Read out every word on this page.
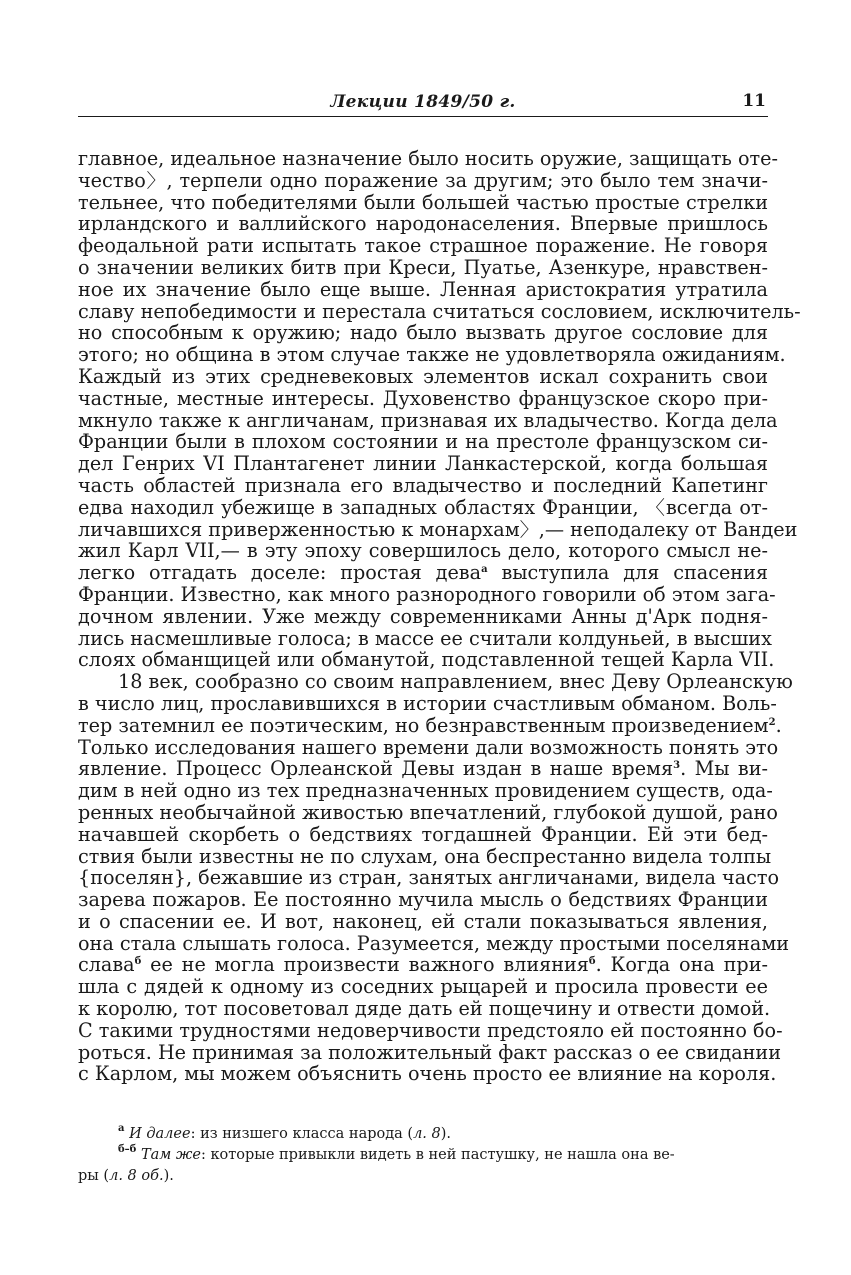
Лекции 1849/50 г.	11
главное, идеальное назначение было носить оружие, защищать оте-
чество〉, терпели одно поражение за другим; это было тем значи-
тельнее, что победителями были большей частью простые стрелки
ирландского и валлийского народонаселения. Впервые пришлось
феодальной рати испытать такое страшное поражение. Не говоря
о значении великих битв при Креси, Пуатье, Азенкуре, нравствен-
ное их значение было еще выше. Ленная аристократия утратила
славу непобедимости и перестала считаться сословием, исключитель-
но способным к оружию; надо было вызвать другое сословие для
этого; но община в этом случае также не удовлетворяла ожиданиям.
Каждый из этих средневековых элементов искал сохранить свои
частные, местные интересы. Духовенство французское скоро при-
мкнуло также к англичанам, признавая их владычество. Когда дела
Франции были в плохом состоянии и на престоле французском си-
дел Генрих VI Плантагенет линии Ланкастерской, когда большая
часть областей признала его владычество и последний Капетинг
едва находил убежище в западных областях Франции, 〈всегда от-
личавшихся приверженностью к монархам〉,— неподалеку от Вандеи
жил Карл VII,— в эту эпоху совершилось дело, которого смысл не-
легко отгадать доселе: простая дева$^а$ выступила для спасения
Франции. Известно, как много разнородного говорили об этом зага-
дочном явлении. Уже между современниками Анны д'Арк подня-
лись насмешливые голоса; в массе ее считали колдуньей, в высших
слоях обманщицей или обманутой, подставленной тещей Карла VII.
18 век, сообразно со своим направлением, внес Деву Орлеанскую
в число лиц, прославившихся в истории счастливым обманом. Воль-
тер затемнил ее поэтическим, но безнравственным произведением$^2$.
Только исследования нашего времени дали возможность понять это
явление. Процесс Орлеанской Девы издан в наше время$^3$. Мы ви-
дим в ней одно из тех предназначенных провидением существ, ода-
ренных необычайной живостью впечатлений, глубокой душой, рано
начавшей скорбеть о бедствиях тогдашней Франции. Ей эти бед-
ствия были известны не по слухам, она беспрестанно видела толпы
{поселян}, бежавшие из стран, занятых англичанами, видела часто
зарева пожаров. Ее постоянно мучила мысль о бедствиях Франции
и о спасении ее. И вот, наконец, ей стали показываться явления,
она стала слышать голоса. Разумеется, между простыми поселянами
слава$^б$ ее не могла произвести важного влияния$^б$. Когда она при-
шла с дядей к одному из соседних рыцарей и просила провести ее
к королю, тот посоветовал дядe дать ей пощечину и отвести домой.
С такими трудностями недоверчивости предстояло ей постоянно бо-
роться. Не принимая за положительный факт рассказ о ее свидании
с Карлом, мы можем объяснить очень просто ее влияние на короля.
$^а$ И далее: из низшего класса народа (л. 8).
$^{б-б}$ Там же: которые привыкли видеть в ней пастушку, не нашла она ве-
ры (л. 8 об.).
